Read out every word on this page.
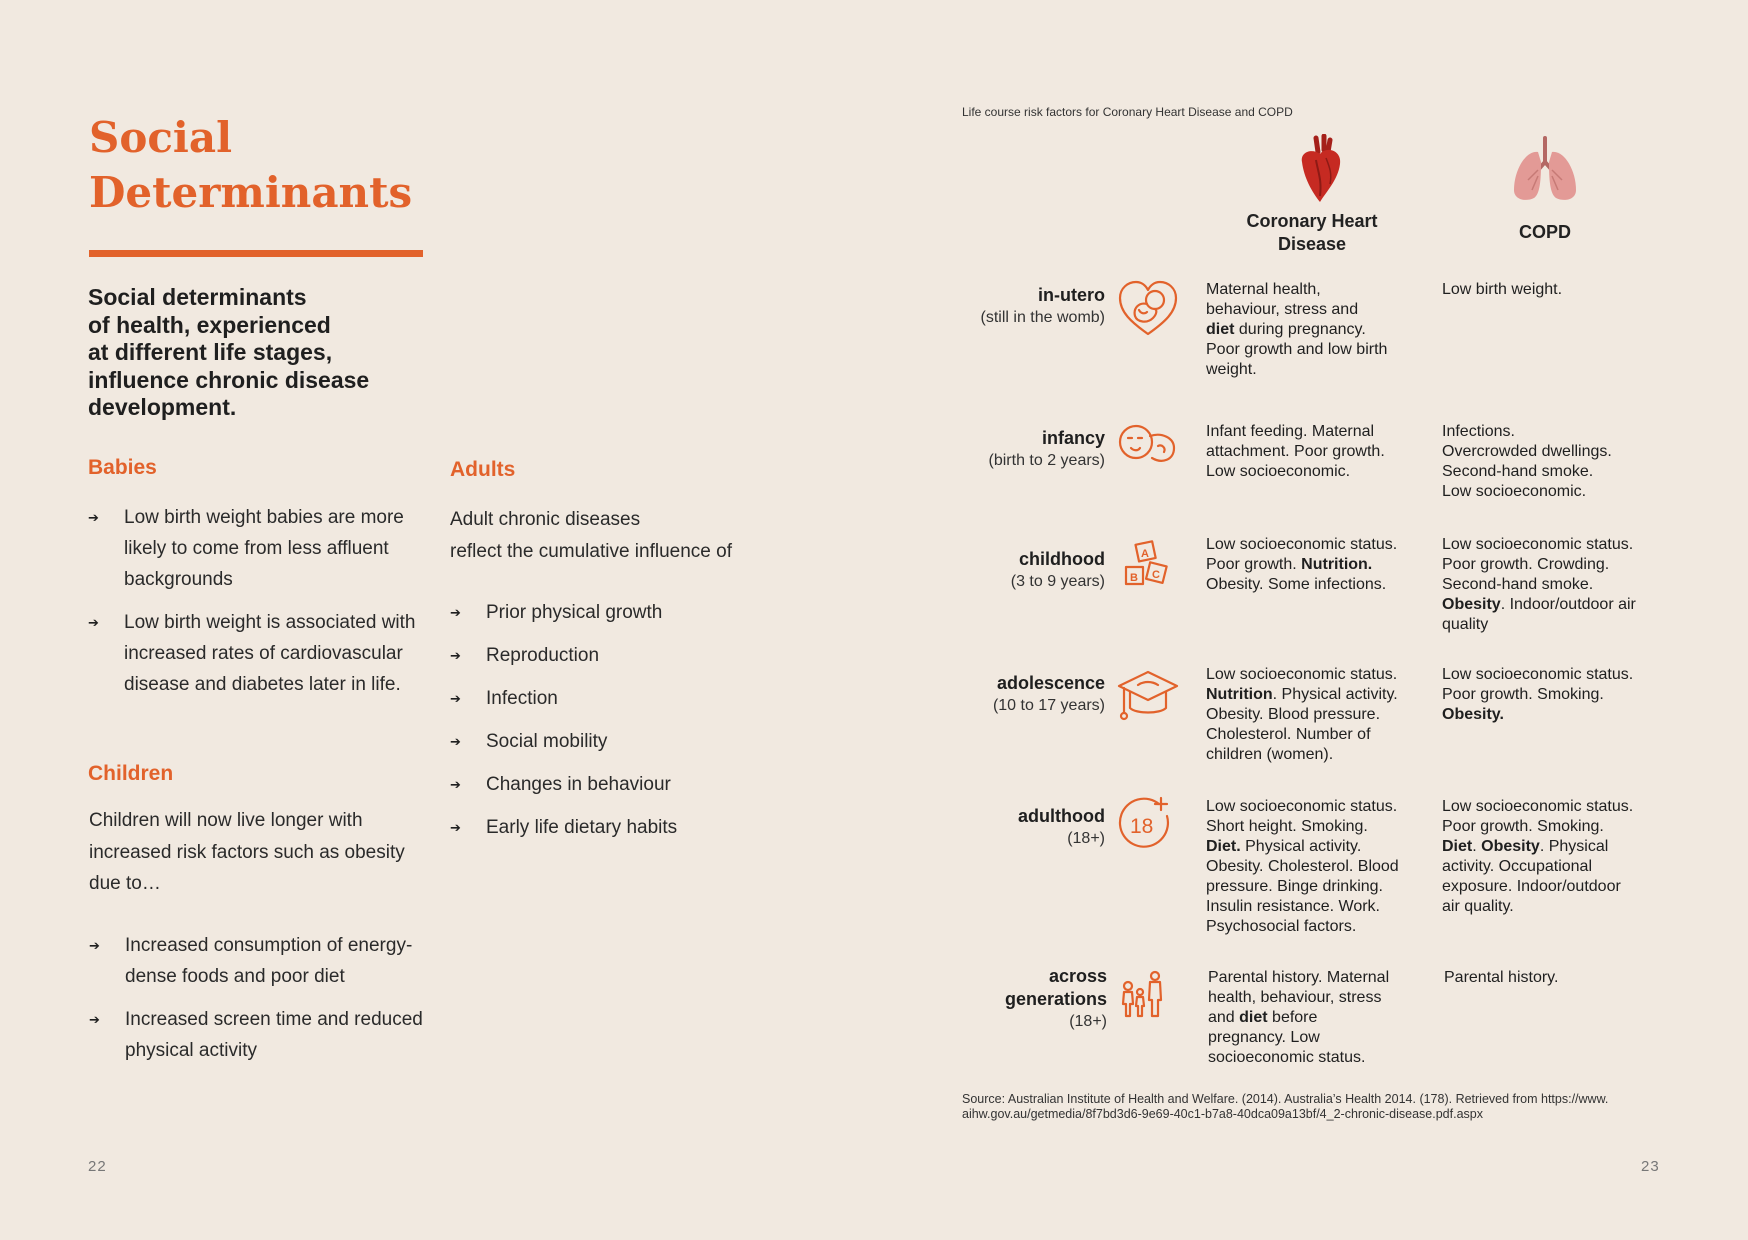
Social
Determinants

Social determinants
of health, experienced
at different life stages,
influence chronic disease
development.

Babies
➔ Low birth weight babies are more likely to come from less affluent backgrounds
➔ Low birth weight is associated with increased rates of cardiovascular disease and diabetes later in life.
Children

Children will now live longer with increased risk factors such as obesity due to…

➔ Increased consumption of energy-dense foods and poor diet
➔ Increased screen time and reduced physical activity
Adults

Adult chronic diseases
reflect the cumulative influence of

➔ Prior physical growth
➔ Reproduction
➔ Infection
➔ Social mobility
➔ Changes in behaviour
➔ Early life dietary habits
22
Life course risk factors for Coronary Heart Disease and COPD
Coronary Heart
Disease
COPD
in-utero
(still in the womb)
infancy
(birth to 2 years)
childhood
(3 to 9 years)
adolescence
(10 to 17 years)
adulthood
(18+)
across
generations
(18+)
A
B C
18
Maternal health,
behaviour, stress and
diet during pregnancy.
Poor growth and low birth
weight.
Infant feeding. Maternal
attachment. Poor growth.
Low socioeconomic.
Low socioeconomic status.
Poor growth. Nutrition.
Obesity. Some infections.
Low socioeconomic status.
Nutrition. Physical activity.
Obesity. Blood pressure.
Cholesterol. Number of
children (women).
Low socioeconomic status.
Short height. Smoking.
Diet. Physical activity.
Obesity. Cholesterol. Blood
pressure. Binge drinking.
Insulin resistance. Work.
Psychosocial factors.
Parental history. Maternal
health, behaviour, stress
and diet before
pregnancy. Low
socioeconomic status.
Low birth weight.
Infections.
Overcrowded dwellings.
Second-hand smoke.
Low socioeconomic.
Low socioeconomic status.
Poor growth. Crowding.
Second-hand smoke.
Obesity. Indoor/outdoor air
quality
Low socioeconomic status.
Poor growth. Smoking.
Obesity.
Low socioeconomic status.
Poor growth. Smoking.
Diet. Obesity. Physical
activity. Occupational
exposure. Indoor/outdoor
air quality.
Parental history.
Source: Australian Institute of Health and Welfare. (2014). Australia’s Health 2014. (178). Retrieved from https://www.
aihw.gov.au/getmedia/8f7bd3d6-9e69-40c1-b7a8-40dca09a13bf/4_2-chronic-disease.pdf.aspx
23
